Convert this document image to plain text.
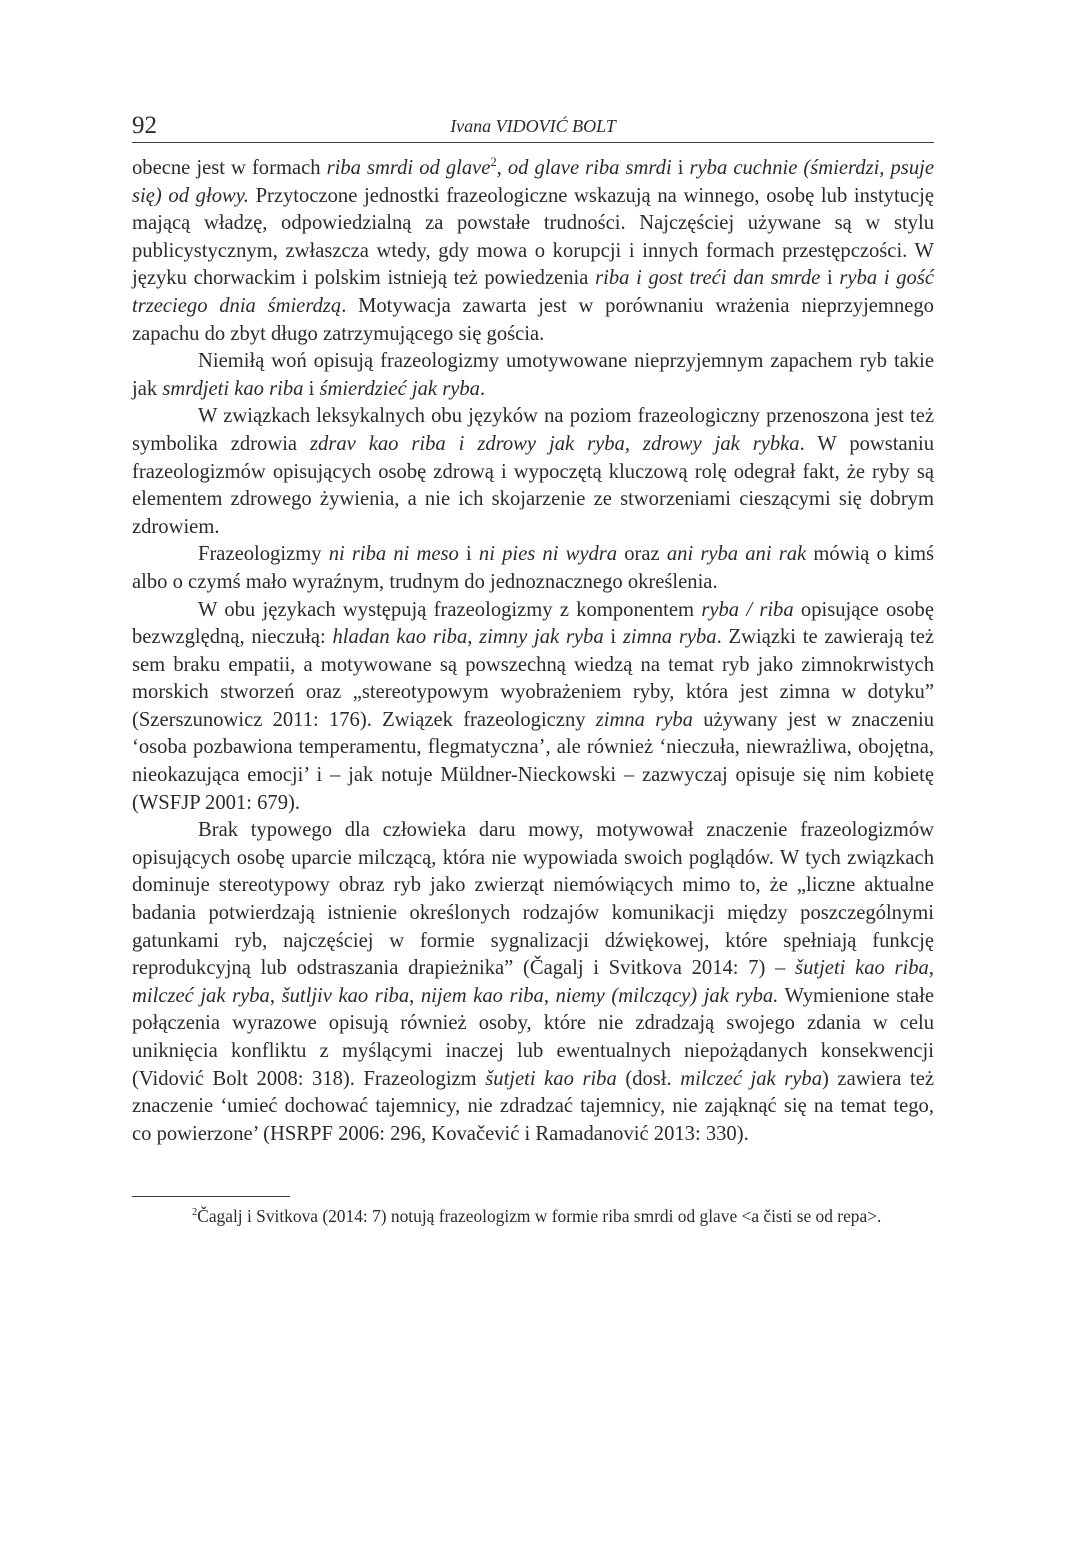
92	Ivana VIDOVIĆ BOLT

obecne jest w formach riba smrdi od glave$^2$, od glave riba smrdi i ryba cuchnie (śmierdzi, psuje się) od głowy. Przytoczone jednostki frazeologiczne wskazują na winnego, osobę lub instytucję mającą władzę, odpowiedzialną za powstałe trudności. Najczęściej używane są w stylu publicystycznym, zwłaszcza wtedy, gdy mowa o korupcji i innych formach przestępczości. W języku chorwackim i polskim istnieją też powiedzenia riba i gost treći dan smrde i ryba i gość trzeciego dnia śmierdzą. Motywacja zawarta jest w porównaniu wrażenia nieprzyjemnego zapachu do zbyt długo zatrzymującego się gościa.

Niemiłą woń opisują frazeologizmy umotywowane nieprzyjemnym zapachem ryb takie jak smrdjeti kao riba i śmierdzieć jak ryba.

W związkach leksykalnych obu języków na poziom frazeologiczny przenoszona jest też symbolika zdrowia zdrav kao riba i zdrowy jak ryba, zdrowy jak rybka. W powstaniu frazeologizmów opisujących osobę zdrową i wypoczętą kluczową rolę odegrał fakt, że ryby są elementem zdrowego żywienia, a nie ich skojarzenie ze stworzeniami cieszącymi się dobrym zdrowiem.

Frazeologizmy ni riba ni meso i ni pies ni wydra oraz ani ryba ani rak mówią o kimś albo o czymś mało wyraźnym, trudnym do jednoznacznego określenia.

W obu językach występują frazeologizmy z komponentem ryba / riba opisujące osobę bezwzględną, nieczułą: hladan kao riba, zimny jak ryba i zimna ryba. Związki te zawierają też sem braku empatii, a motywowane są powszechną wiedzą na temat ryb jako zimnokrwistych morskich stworzeń oraz „stereotypowym wyobrażeniem ryby, która jest zimna w dotyku” (Szerszunowicz 2011: 176). Związek frazeologiczny zimna ryba używany jest w znaczeniu ‘osoba pozbawiona temperamentu, flegmatyczna’, ale również ‘nieczuła, niewrażliwa, obojętna, nieokazująca emocji’ i – jak notuje Müldner-Nieckowski – zazwyczaj opisuje się nim kobietę (WSFJP 2001: 679).

Brak typowego dla człowieka daru mowy, motywował znaczenie frazeologizmów opisujących osobę uparcie milczącą, która nie wypowiada swoich poglądów. W tych związkach dominuje stereotypowy obraz ryb jako zwierząt niemówiących mimo to, że „liczne aktualne badania potwierdzają istnienie określonych rodzajów komunikacji między poszczególnymi gatunkami ryb, najczęściej w formie sygnalizacji dźwiękowej, które spełniają funkcję reprodukcyjną lub odstraszania drapieżnika” (Čagalj i Svitkova 2014: 7) – šutjeti kao riba, milczeć jak ryba, šutljiv kao riba, nijem kao riba, niemy (milczący) jak ryba. Wymienione stałe połączenia wyrazowe opisują również osoby, które nie zdradzają swojego zdania w celu uniknięcia konfliktu z myślącymi inaczej lub ewentualnych niepożądanych konsekwencji (Vidović Bolt 2008: 318). Frazeologizm šutjeti kao riba (dosł. milczeć jak ryba) zawiera też znaczenie ‘umieć dochować tajemnicy, nie zdradzać tajemnicy, nie zająknąć się na temat tego, co powierzone’ (HSRPF 2006: 296, Kovačević i Ramadanović 2013: 330).

$^2$Čagalj i Svitkova (2014: 7) notują frazeologizm w formie riba smrdi od glave <a čisti se od repa>.
